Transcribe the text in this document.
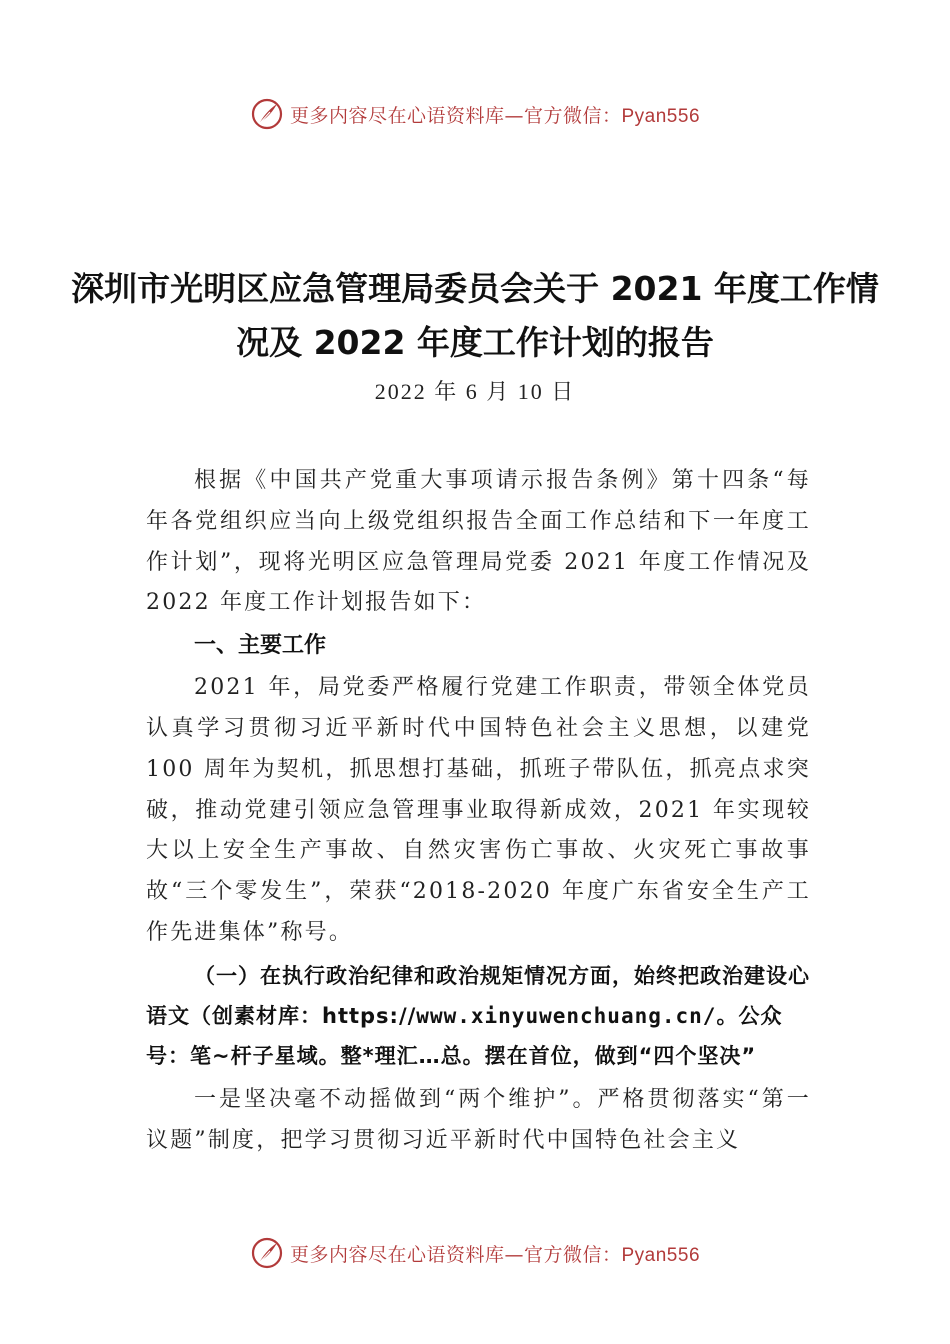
更多内容尽在心语资料库—官方微信：Pyan556
深圳市光明区应急管理局委员会关于 2021 年度工作情况及 2022 年度工作计划的报告
2022 年 6 月 10 日

根据《中国共产党重大事项请示报告条例》第十四条“每年各党组织应当向上级党组织报告全面工作总结和下一年度工作计划”，现将光明区应急管理局党委 2021 年度工作情况及 2022 年度工作计划报告如下：

一、主要工作

2021 年，局党委严格履行党建工作职责，带领全体党员认真学习贯彻习近平新时代中国特色社会主义思想，以建党 100 周年为契机，抓思想打基础，抓班子带队伍，抓亮点求突破，推动党建引领应急管理事业取得新成效，2021 年实现较大以上安全生产事故、自然灾害伤亡事故、火灾死亡事故事故“三个零发生”，荣获“2018-2020 年度广东省安全生产工作先进集体”称号。

（一）在执行政治纪律和政治规矩情况方面，始终把政治建设心语文（创素材库：https://www.xinyuwenchuang.cn/。公众号：笔~杆子星域。整*理汇…总。摆在首位，做到“四个坚决”

一是坚决毫不动摇做到“两个维护”。严格贯彻落实“第一议题”制度，把学习贯彻习近平新时代中国特色社会主义

更多内容尽在心语资料库—官方微信：Pyan556
